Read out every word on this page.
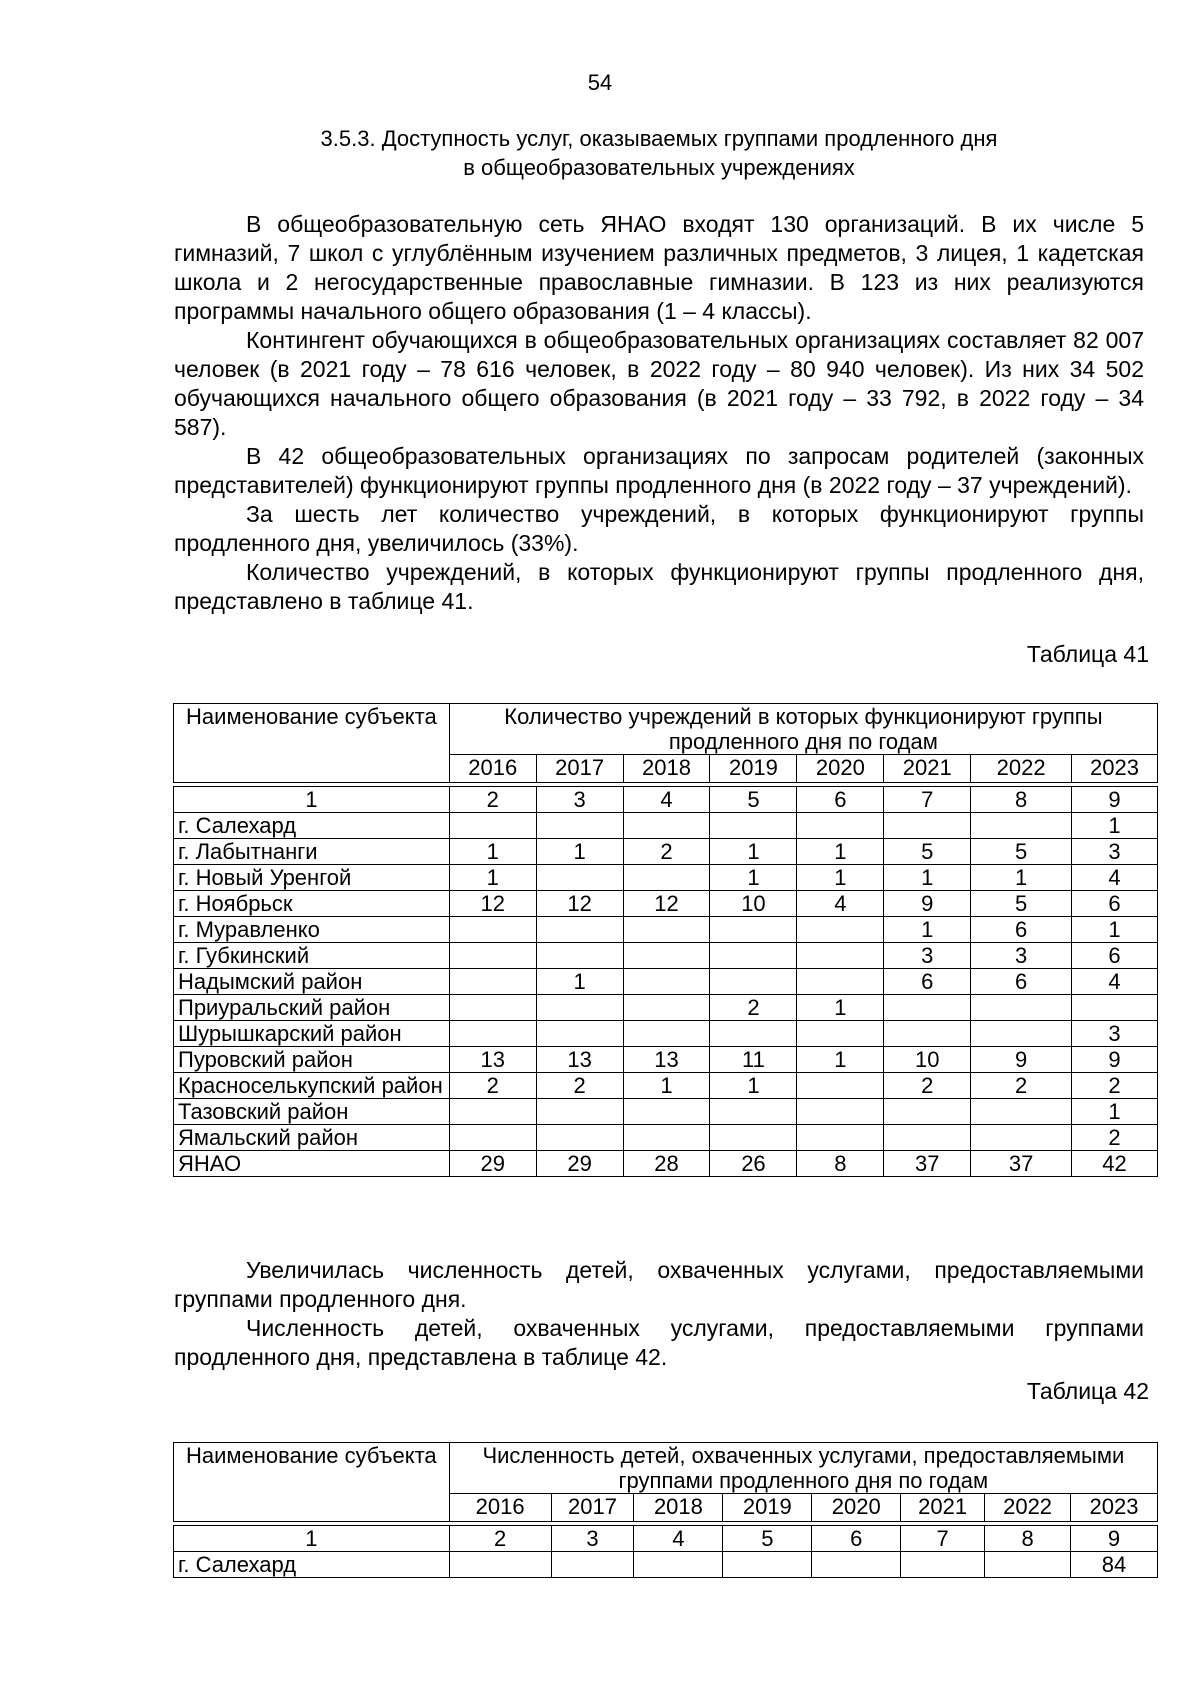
54
3.5.3. Доступность услуг, оказываемых группами продленного дня
в общеобразовательных учреждениях

В общеобразовательную сеть ЯНАО входят 130 организаций. В их числе 5 гимназий, 7 школ с углублённым изучением различных предметов, 3 лицея, 1 кадетская школа и 2 негосударственные православные гимназии. В 123 из них реализуются программы начального общего образования (1 – 4 классы).

Контингент обучающихся в общеобразовательных организациях составляет 82 007 человек (в 2021 году – 78 616 человек, в 2022 году – 80 940 человек). Из них 34 502 обучающихся начального общего образования (в 2021 году – 33 792, в 2022 году – 34 587).

В 42 общеобразовательных организациях по запросам родителей (законных представителей) функционируют группы продленного дня (в 2022 году – 37 учреждений).

За шесть лет количество учреждений, в которых функционируют группы продленного дня, увеличилось (33%).

Количество учреждений, в которых функционируют группы продленного дня, представлено в таблице 41.

Таблица 41
Наименование субъекта	Количество учреждений в которых функционируют группы продленного дня по годам							
	2016	2017	2018	2019	2020	2021	2022	2023

1	2	3	4	5	6	7	8	9
г. Салехард								1
г. Лабытнанги	1	1	2	1	1	5	5	3
г. Новый Уренгой	1			1	1	1	1	4
г. Ноябрьск	12	12	12	10	4	9	5	6
г. Муравленко						1	6	1
г. Губкинский						3	3	6
Надымский район		1				6	6	4
Приуральский район				2	1			
Шурышкарский район								3
Пуровский район	13	13	13	11	1	10	9	9
Красноселькупский район	2	2	1	1		2	2	2
Тазовский район								1
Ямальский район								2
ЯНАО	29	29	28	26	8	37	37	42

Увеличилась численность детей, охваченных услугами, предоставляемыми группами продленного дня.

Численность детей, охваченных услугами, предоставляемыми группами продленного дня, представлена в таблице 42.

Таблица 42
Наименование субъекта	Численность детей, охваченных услугами, предоставляемыми группами продленного дня по годам							
	2016	2017	2018	2019	2020	2021	2022	2023

1	2	3	4	5	6	7	8	9
г. Салехард								84
